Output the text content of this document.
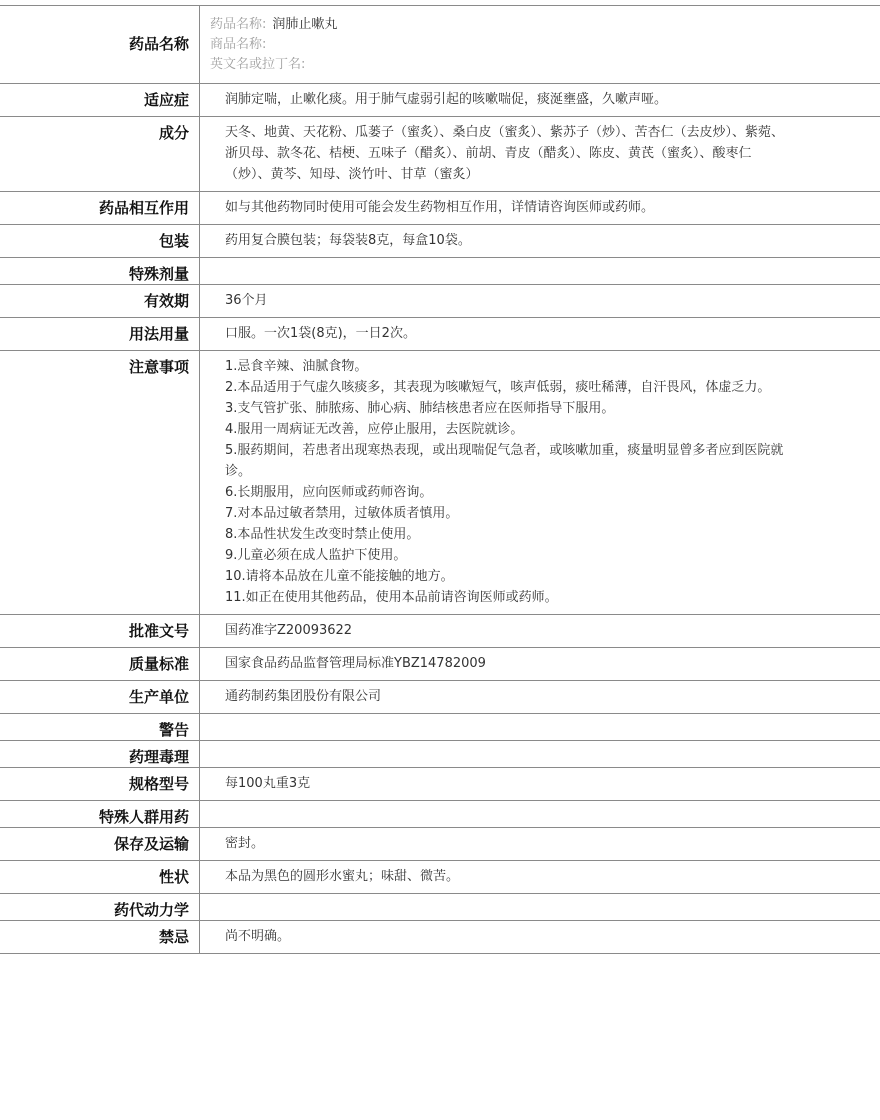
药品名称
药品名称: 润肺止嗽丸
商品名称:
英文名或拉丁名:
适应症	润肺定喘，止嗽化痰。用于肺气虚弱引起的咳嗽喘促，痰涎壅盛，久嗽声哑。
成分	天冬、地黄、天花粉、瓜蒌子（蜜炙）、桑白皮（蜜炙）、紫苏子（炒）、苦杏仁（去皮炒）、紫菀、浙贝母、款冬花、桔梗、五味子（醋炙）、前胡、青皮（醋炙）、陈皮、黄芪（蜜炙）、酸枣仁（炒）、黄芩、知母、淡竹叶、甘草（蜜炙）
药品相互作用	如与其他药物同时使用可能会发生药物相互作用，详情请咨询医师或药师。
包装	药用复合膜包装；每袋装8克，每盒10袋。
特殊剂量
有效期	36个月
用法用量	口服。一次1袋(8克)，一日2次。
注意事项	1.忌食辛辣、油腻食物。
2.本品适用于气虚久咳痰多，其表现为咳嗽短气，咳声低弱，痰吐稀薄，自汗畏风，体虚乏力。
3.支气管扩张、肺脓疡、肺心病、肺结核患者应在医师指导下服用。
4.服用一周病证无改善，应停止服用，去医院就诊。
5.服药期间，若患者出现寒热表现，或出现喘促气急者，或咳嗽加重，痰量明显曾多者应到医院就诊。
6.长期服用，应向医师或药师咨询。
7.对本品过敏者禁用，过敏体质者慎用。
8.本品性状发生改变时禁止使用。
9.儿童必须在成人监护下使用。
10.请将本品放在儿童不能接触的地方。
11.如正在使用其他药品，使用本品前请咨询医师或药师。
批准文号	国药准字Z20093622
质量标准	国家食品药品监督管理局标准YBZ14782009
生产单位	通药制药集团股份有限公司
警告
药理毒理
规格型号	每100丸重3克
特殊人群用药
保存及运输	密封。
性状	本品为黑色的圆形水蜜丸；味甜、微苦。
药代动力学
禁忌	尚不明确。
